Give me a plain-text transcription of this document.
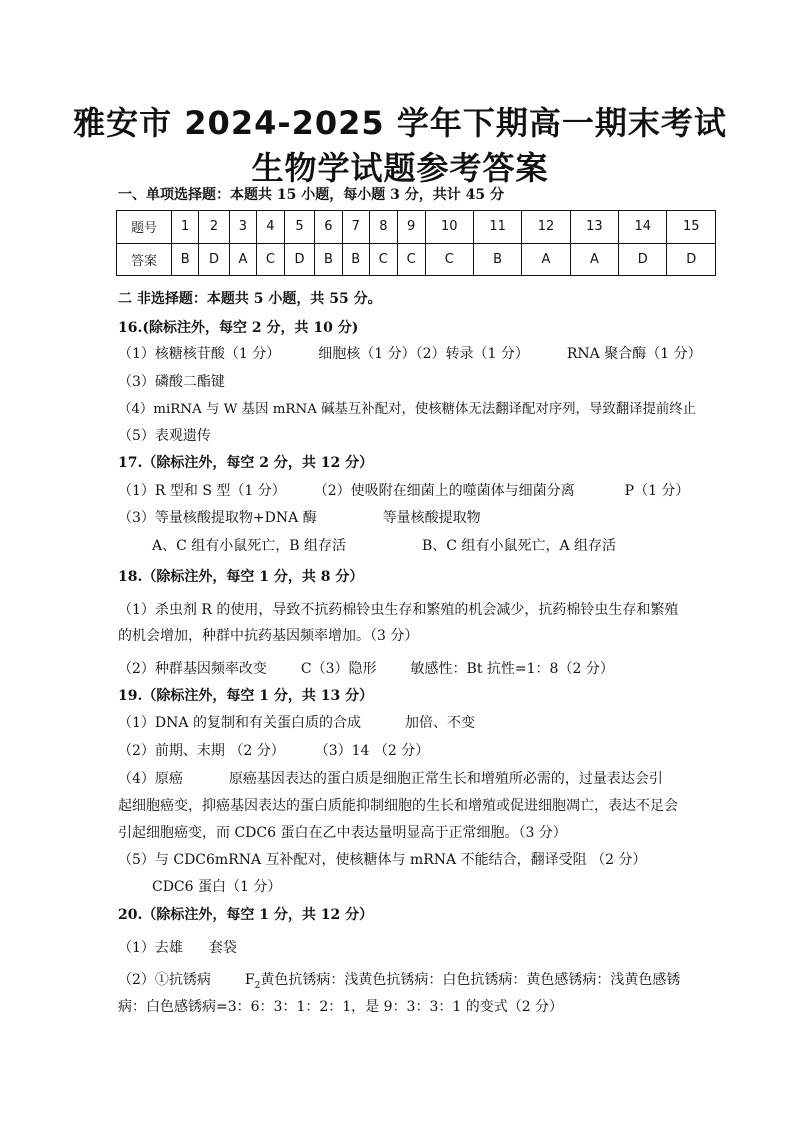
雅安市 2024-2025 学年下期高一期末考试
生物学试题参考答案
一、单项选择题：本题共 15 小题，每小题 3 分，共计 45 分
题号	1	2	3	4	5	6	7	8	9	10	11	12	13	14	15
答案	B	D	A	C	D	B	B	C	C	C	B	A	A	D	D
二 非选择题：本题共 5 小题，共 55 分。
16.(除标注外，每空 2 分，共 10 分)
（1）核糖核苷酸（1 分）	细胞核（1 分）（2）转录（1 分）	RNA 聚合酶（1 分）
（3）磷酸二酯键
（4）miRNA 与 W 基因 mRNA 碱基互补配对，使核糖体无法翻译配对序列，导致翻译提前终止
（5）表观遗传
17.（除标注外，每空 2 分，共 12 分）
（1）R 型和 S 型（1 分） （2）使吸附在细菌上的噬菌体与细菌分离	P（1 分）
（3）等量核酸提取物+DNA 酶	等量核酸提取物
A、C 组有小鼠死亡，B 组存活	B、C 组有小鼠死亡，A 组存活
18.（除标注外，每空 1 分，共 8 分）
（1）杀虫剂 R 的使用，导致不抗药棉铃虫生存和繁殖的机会减少，抗药棉铃虫生存和繁殖
的机会增加，种群中抗药基因频率增加。（3 分）
（2）种群基因频率改变 C（3）隐形 敏感性：Bt 抗性=1：8（2 分）
19.（除标注外，每空 1 分，共 13 分）
（1）DNA 的复制和有关蛋白质的合成	加倍、不变
（2）前期、末期 （2 分） （3）14 （2 分）
（4）原癌	原癌基因表达的蛋白质是细胞正常生长和增殖所必需的，过量表达会引
起细胞癌变，抑癌基因表达的蛋白质能抑制细胞的生长和增殖或促进细胞凋亡，表达不足会
引起细胞癌变，而 CDC6 蛋白在乙中表达量明显高于正常细胞。（3 分）
（5）与 CDC6mRNA 互补配对，使核糖体与 mRNA 不能结合，翻译受阻 （2 分）
CDC6 蛋白（1 分）
20.（除标注外，每空 1 分，共 12 分）
（1）去雄 套袋
（2）①抗锈病 $F_2$黄色抗锈病：浅黄色抗锈病：白色抗锈病：黄色感锈病：浅黄色感锈
病：白色感锈病=3：6：3：1：2：1，是 9：3：3：1 的变式（2 分）
